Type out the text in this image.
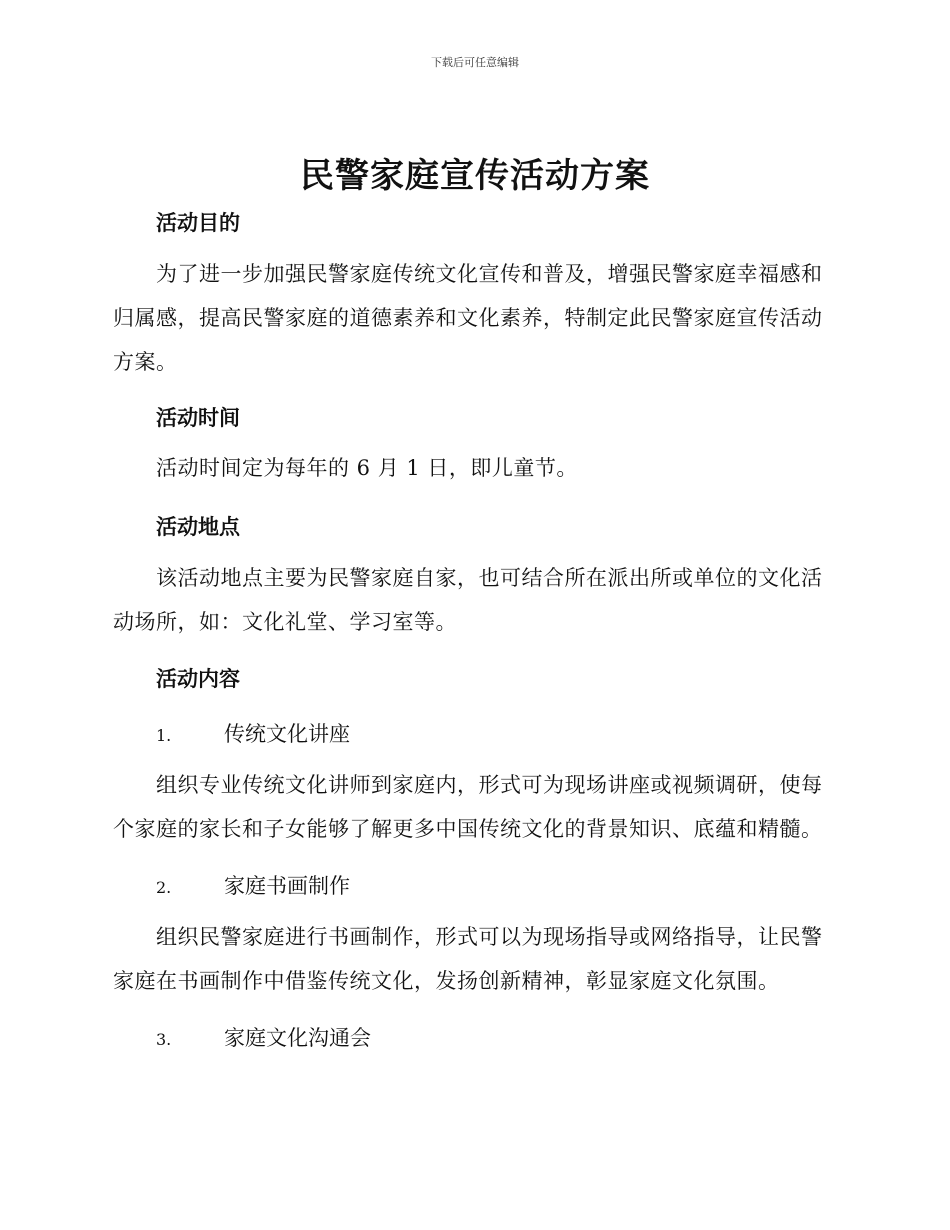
下载后可任意编辑
民警家庭宣传活动方案
活动目的
为了进一步加强民警家庭传统文化宣传和普及，增强民警家庭幸福感和归属感，提高民警家庭的道德素养和文化素养，特制定此民警家庭宣传活动方案。
活动时间
活动时间定为每年的 6 月 1 日，即儿童节。
活动地点
该活动地点主要为民警家庭自家，也可结合所在派出所或单位的文化活动场所，如：文化礼堂、学习室等。
活动内容
1.	传统文化讲座
组织专业传统文化讲师到家庭内，形式可为现场讲座或视频调研，使每个家庭的家长和子女能够了解更多中国传统文化的背景知识、底蕴和精髓。
2.	家庭书画制作
组织民警家庭进行书画制作，形式可以为现场指导或网络指导，让民警家庭在书画制作中借鉴传统文化，发扬创新精神，彰显家庭文化氛围。
3.	家庭文化沟通会
